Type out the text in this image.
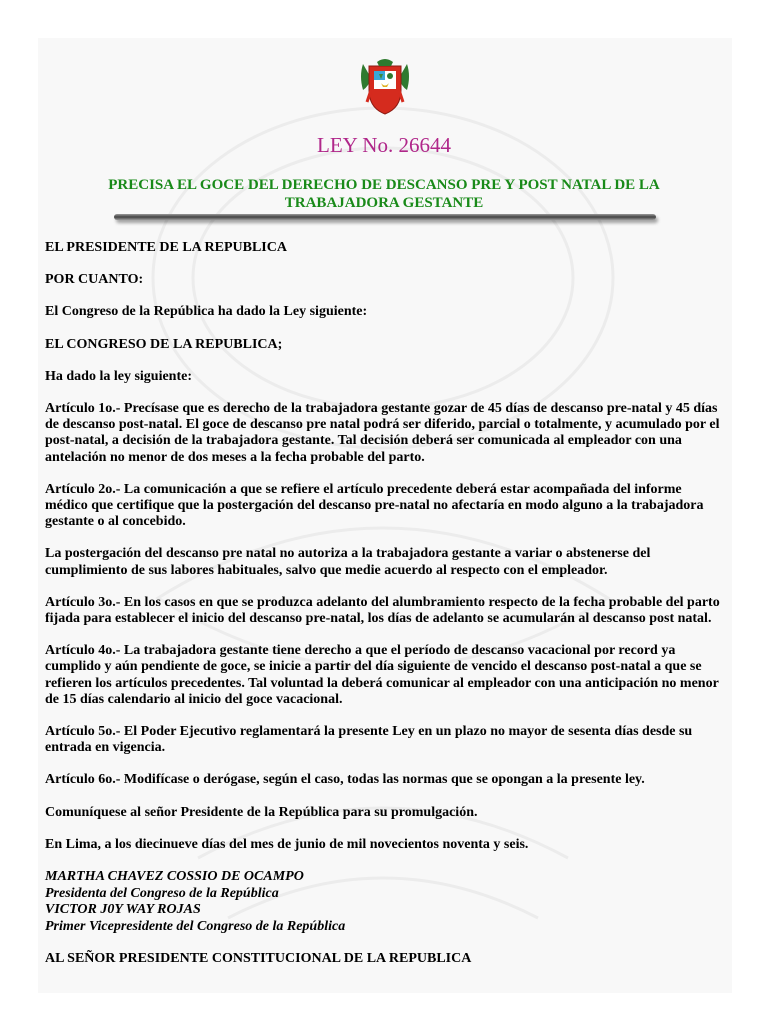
LEY No. 26644
PRECISA EL GOCE DEL DERECHO DE DESCANSO PRE Y POST NATAL DE LA TRABAJADORA GESTANTE

EL PRESIDENTE DE LA REPUBLICA

POR CUANTO:

El Congreso de la República ha dado la Ley siguiente:

EL CONGRESO DE LA REPUBLICA;

Ha dado la ley siguiente:

Artículo 1o.- Precísase que es derecho de la trabajadora gestante gozar de 45 días de descanso pre-natal y 45 días de descanso post-natal. El goce de descanso pre natal podrá ser diferido, parcial o totalmente, y acumulado por el post-natal, a decisión de la trabajadora gestante. Tal decisión deberá ser comunicada al empleador con una antelación no menor de dos meses a la fecha probable del parto.

Artículo 2o.- La comunicación a que se refiere el artículo precedente deberá estar acompañada del informe médico que certifique que la postergación del descanso pre-natal no afectaría en modo alguno a la trabajadora gestante o al concebido.

La postergación del descanso pre natal no autoriza a la trabajadora gestante a variar o abstenerse del cumplimiento de sus labores habituales, salvo que medie acuerdo al respecto con el empleador.

Artículo 3o.- En los casos en que se produzca adelanto del alumbramiento respecto de la fecha probable del parto fijada para establecer el inicio del descanso pre-natal, los días de adelanto se acumularán al descanso post natal.

Artículo 4o.- La trabajadora gestante tiene derecho a que el período de descanso vacacional por record ya cumplido y aún pendiente de goce, se inicie a partir del día siguiente de vencido el descanso post-natal a que se refieren los artículos precedentes. Tal voluntad la deberá comunicar al empleador con una anticipación no menor de 15 días calendario al inicio del goce vacacional.

Artículo 5o.- El Poder Ejecutivo reglamentará la presente Ley en un plazo no mayor de sesenta días desde su entrada en vigencia.

Artículo 6o.- Modifícase o derógase, según el caso, todas las normas que se opongan a la presente ley.

Comuníquese al señor Presidente de la República para su promulgación.

En Lima, a los diecinueve días del mes de junio de mil novecientos noventa y seis.

MARTHA CHAVEZ COSSIO DE OCAMPO
Presidenta del Congreso de la República
VICTOR J0Y WAY ROJAS
Primer Vicepresidente del Congreso de la República

AL SEÑOR PRESIDENTE CONSTITUCIONAL DE LA REPUBLICA
